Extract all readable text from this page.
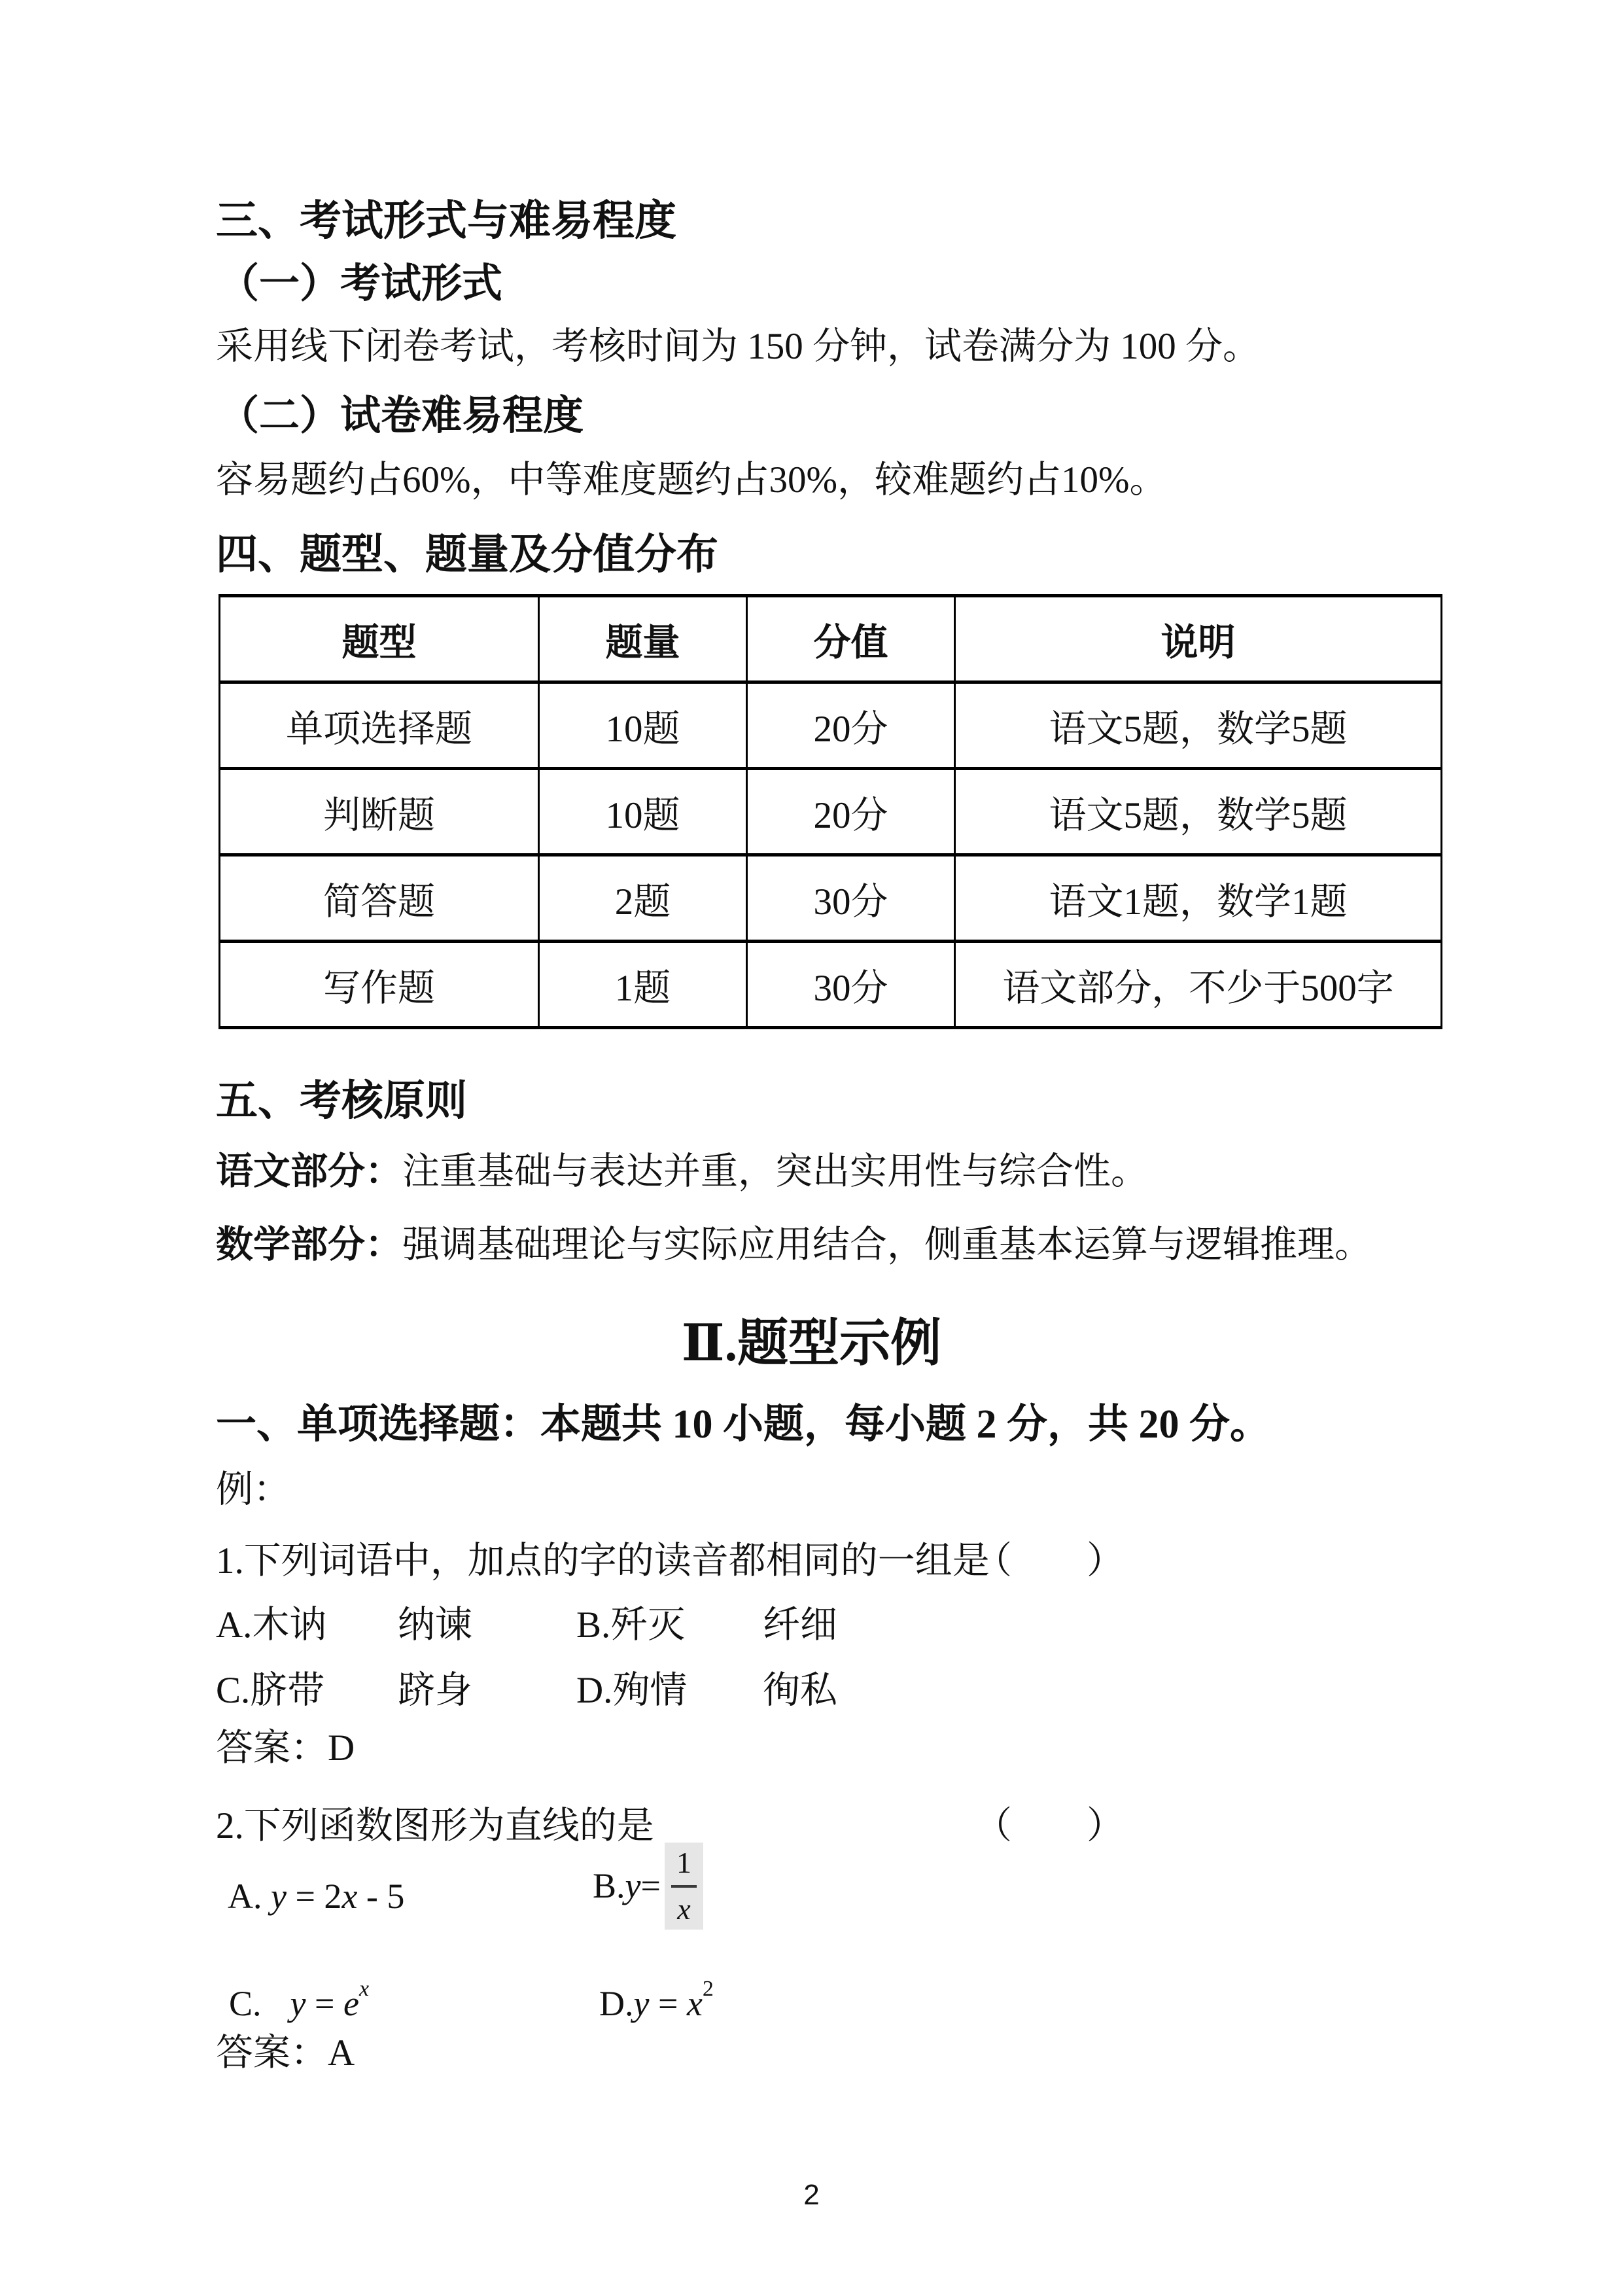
三、考试形式与难易程度
（一）考试形式
采用线下闭卷考试，考核时间为 150 分钟，试卷满分为 100 分。
（二）试卷难易程度
容易题约占60%，中等难度题约占30%，较难题约占10%。
四、题型、题量及分值分布
题型	题量	分值	说明
单项选择题	10题	20分	语文5题，数学5题
判断题	10题	20分	语文5题，数学5题
简答题	2题	30分	语文1题，数学1题
写作题	1题	30分	语文部分，不少于500字
五、考核原则
语文部分：注重基础与表达并重，突出实用性与综合性。
数学部分：强调基础理论与实际应用结合，侧重基本运算与逻辑推理。
Ⅱ.题型示例
一、单项选择题：本题共 10 小题，每小题 2 分，共 20 分。
例：
1.下列词语中，加点的字的读音都相 •同 •的一组是
（　　）
A.木讷 • 纳 •谏	B.歼 •灭 纤 •细
C.脐 •带 跻 •身	D.殉 •情 徇 •私
答案：D
2.下列函数图形为直线的是	（　　）
A. y = 2x - 5	B. $y = \frac{1}{x}$
C. $y = e^x$	$D.y = x^2$
答案：A
2
